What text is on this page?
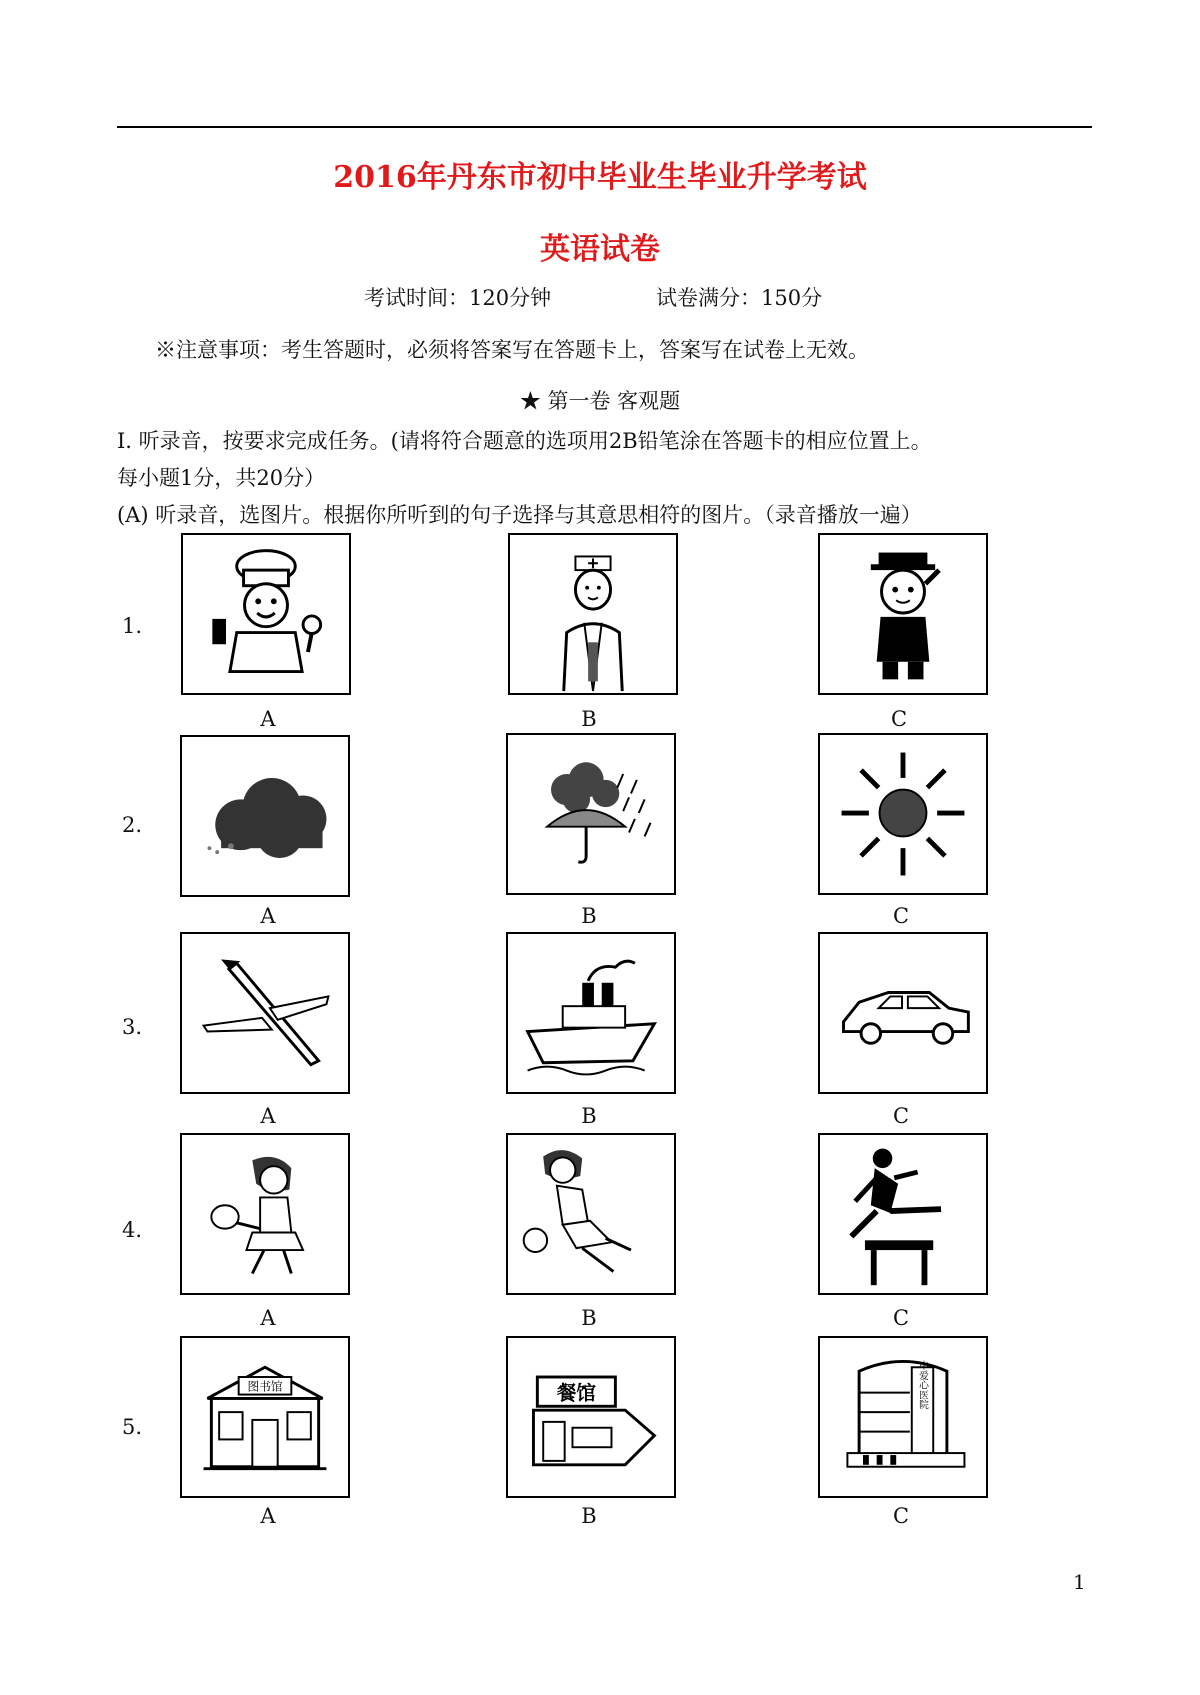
2016年丹东市初中毕业生毕业升学考试
英语试卷
考试时间：120分钟	试卷满分：150分
※注意事项：考生答题时，必须将答案写在答题卡上，答案写在试卷上无效。
★ 第一卷 客观题
Ⅰ. 听录音，按要求完成任务。(请将符合题意的选项用2B铅笔涂在答题卡的相应位置上。
每小题1分，共20分）
(A) 听录音，选图片。根据你所听到的句子选择与其意思相符的图片。（录音播放一遍）
1.
A	B	C
2.
A	B	C
3.
A	B	C
4.
A	B	C
5.
图书馆
A
餐馆
B
中爱心医院
C
1
